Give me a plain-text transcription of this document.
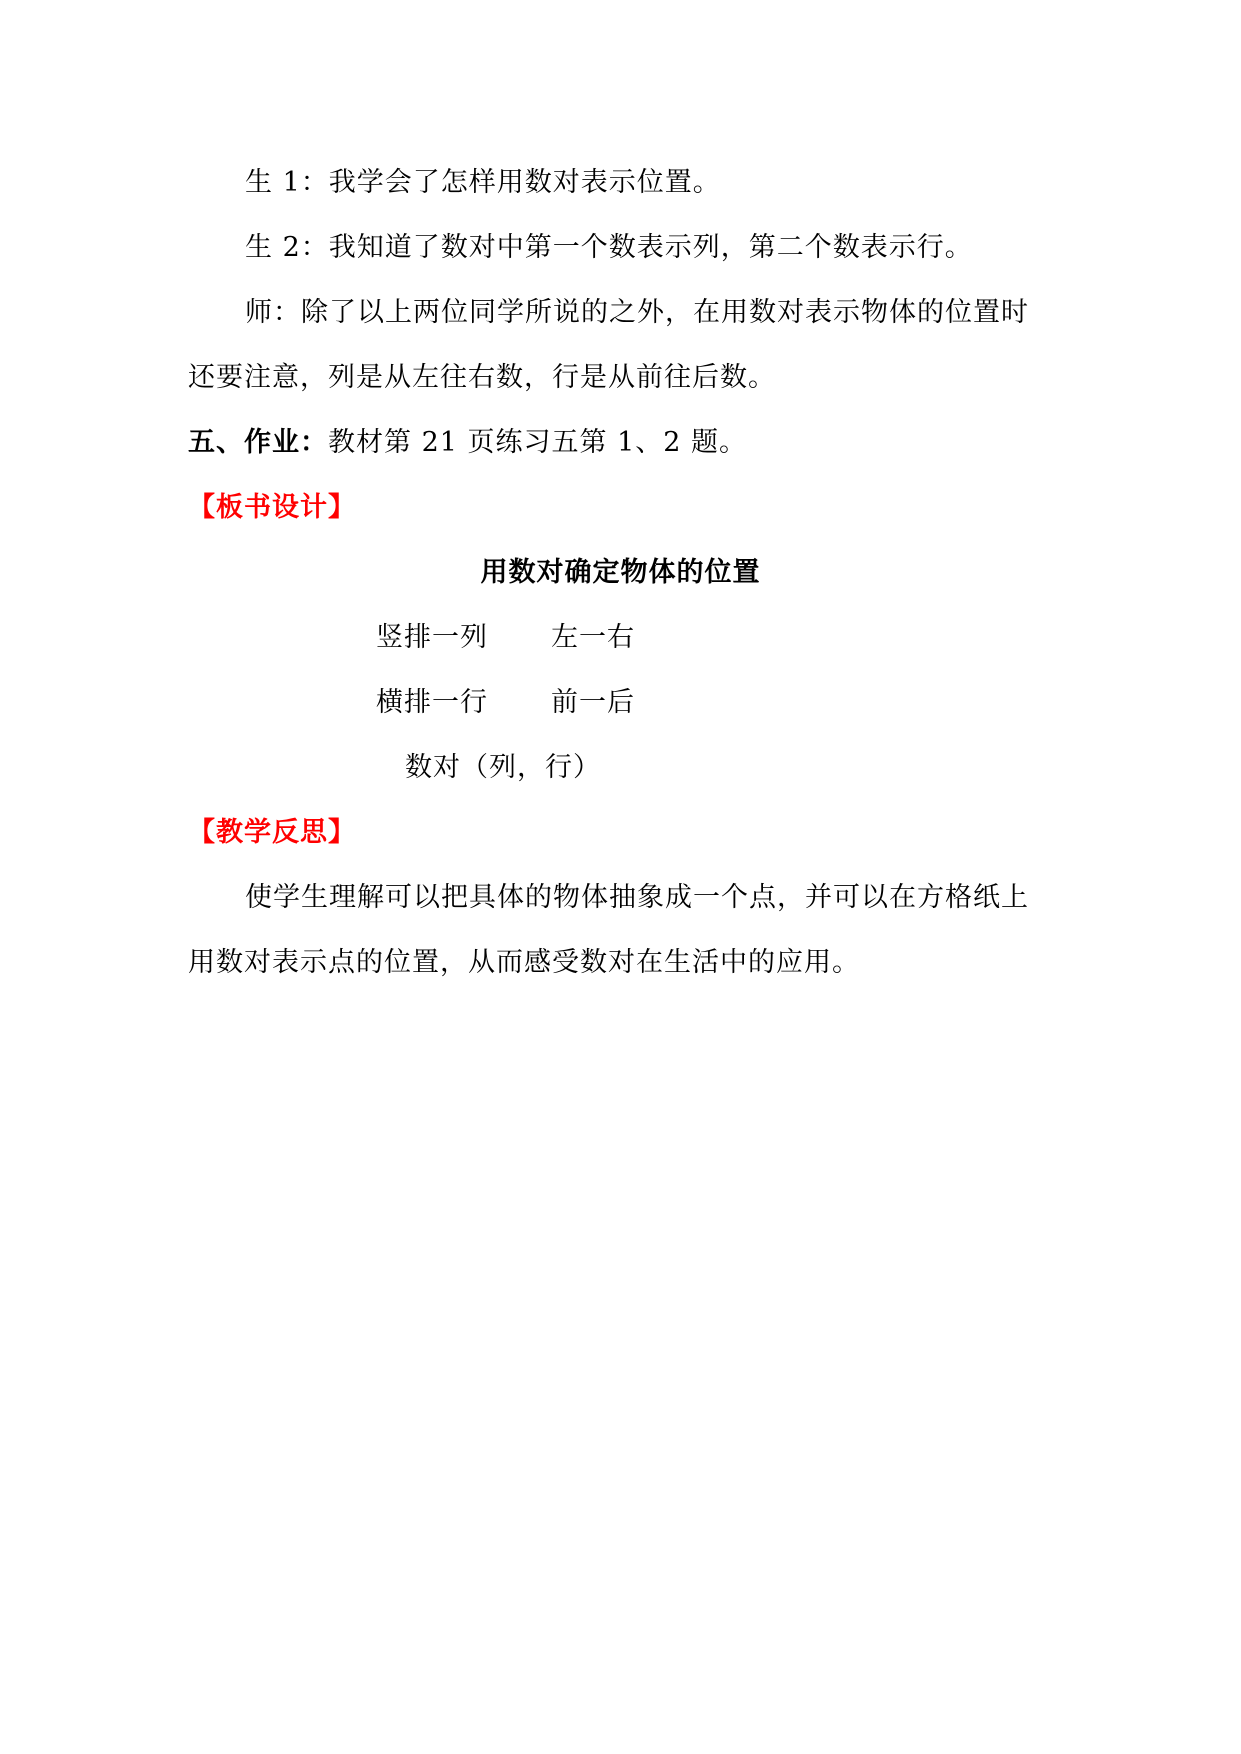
生 1：我学会了怎样用数对表示位置。
生 2：我知道了数对中第一个数表示列，第二个数表示行。
师：除了以上两位同学所说的之外，在用数对表示物体的位置时
还要注意，列是从左往右数，行是从前往后数。
五、作业：教材第 21 页练习五第 1、2 题。
【板书设计】
用数对确定物体的位置
竖排一列 左一右
横排一行 前一后
数对（列，行）
【教学反思】
使学生理解可以把具体的物体抽象成一个点，并可以在方格纸上
用数对表示点的位置，从而感受数对在生活中的应用。
